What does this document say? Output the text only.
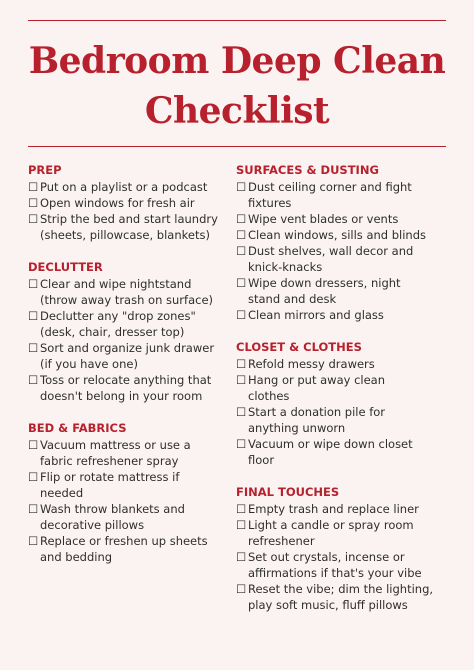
Bedroom Deep Clean
Checklist
PREP
☐ Put on a playlist or a podcast
☐ Open windows for fresh air
☐ Strip the bed and start laundry
(sheets, pillowcase, blankets)
DECLUTTER
☐ Clear and wipe nightstand
(throw away trash on surface)
☐ Declutter any "drop zones"
(desk, chair, dresser top)
☐ Sort and organize junk drawer
(if you have one)
☐ Toss or relocate anything that
doesn't belong in your room
BED & FABRICS
☐ Vacuum mattress or use a
fabric refreshener spray
☐ Flip or rotate mattress if
needed
☐ Wash throw blankets and
decorative pillows
☐ Replace or freshen up sheets
and bedding
SURFACES & DUSTING
☐ Dust ceiling corner and fight
fixtures
☐ Wipe vent blades or vents
☐ Clean windows, sills and blinds
☐ Dust shelves, wall decor and
knick-knacks
☐ Wipe down dressers, night
stand and desk
☐ Clean mirrors and glass
CLOSET & CLOTHES
☐ Refold messy drawers
☐ Hang or put away clean
clothes
☐ Start a donation pile for
anything unworn
☐ Vacuum or wipe down closet
floor
FINAL TOUCHES
☐ Empty trash and replace liner
☐ Light a candle or spray room
refreshener
☐ Set out crystals, incense or
affirmations if that's your vibe
☐ Reset the vibe; dim the lighting,
play soft music, fluff pillows
